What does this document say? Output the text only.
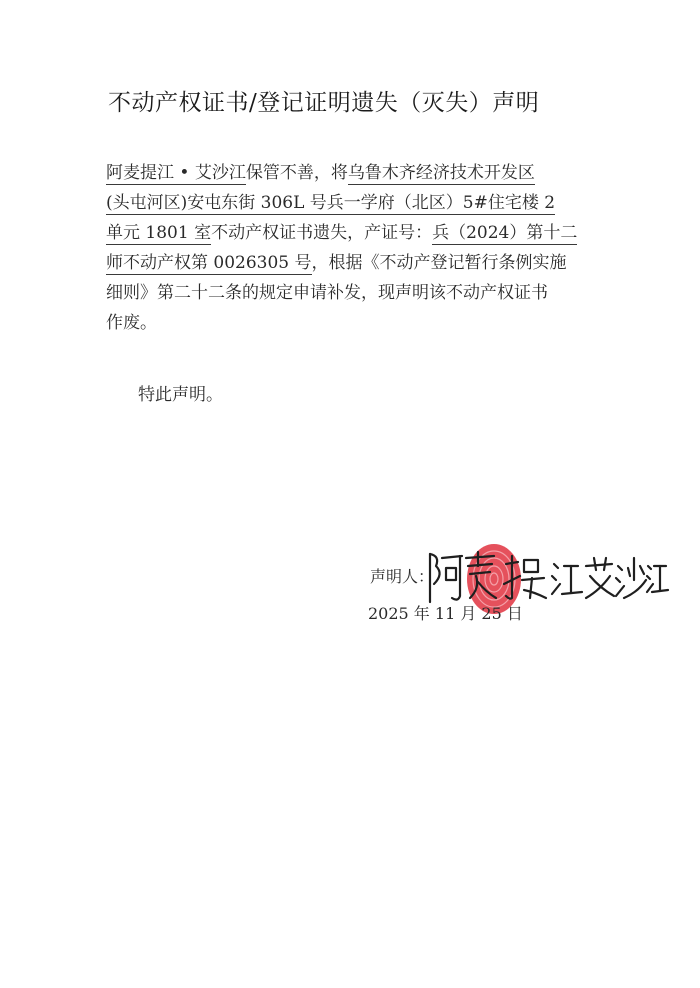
不动产权证书/登记证明遗失（灭失）声明
阿麦提江 • 艾沙江保管不善，将乌鲁木齐经济技术开发区
(头屯河区)安屯东街 306L 号兵一学府（北区）5#住宅楼 2
单元 1801 室不动产权证书遗失，产证号：兵（2024）第十二
师不动产权第 0026305 号，根据《不动产登记暂行条例实施
细则》第二十二条的规定申请补发，现声明该不动产权证书
作废。
特此声明。
声明人：
2025 年 11 月 25 日
